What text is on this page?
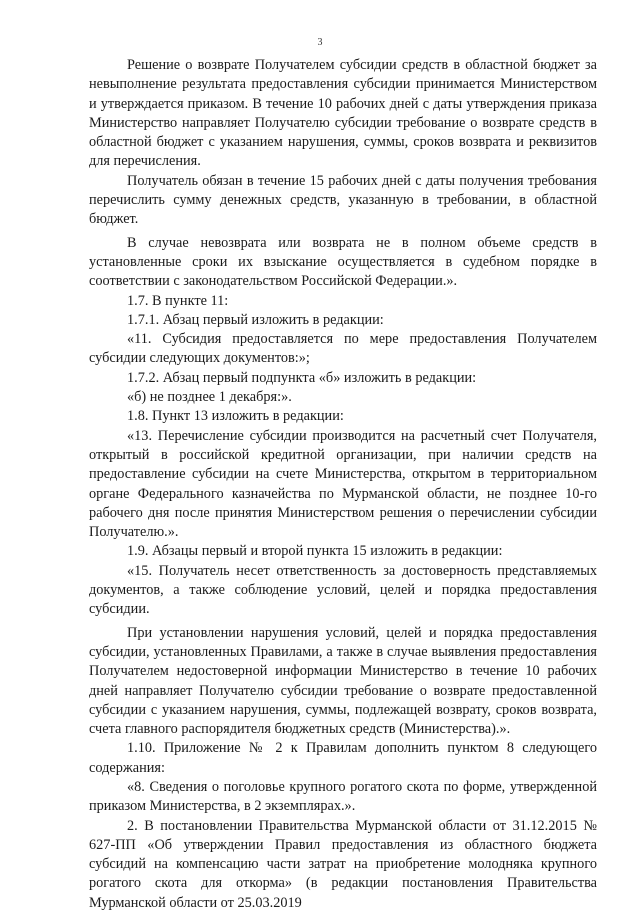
3

Решение о возврате Получателем субсидии средств в областной бюджет за невыполнение результата предоставления субсидии принимается Министерством и утверждается приказом. В течение 10 рабочих дней с даты утверждения приказа Министерство направляет Получателю субсидии требование о возврате средств в областной бюджет с указанием нарушения, суммы, сроков возврата и реквизитов для перечисления.

Получатель обязан в течение 15 рабочих дней с даты получения требования перечислить сумму денежных средств, указанную в требовании, в областной бюджет.

В случае невозврата или возврата не в полном объеме средств в установленные сроки их взыскание осуществляется в судебном порядке в соответствии с законодательством Российской Федерации.».

1.7. В пункте 11:

1.7.1. Абзац первый изложить в редакции:

«11. Субсидия предоставляется по мере предоставления Получателем субсидии следующих документов:»;

1.7.2. Абзац первый подпункта «б» изложить в редакции:

«б) не позднее 1 декабря:».

1.8. Пункт 13 изложить в редакции:

«13. Перечисление субсидии производится на расчетный счет Получателя, открытый в российской кредитной организации, при наличии средств на предоставление субсидии на счете Министерства, открытом в территориальном органе Федерального казначейства по Мурманской области, не позднее 10-го рабочего дня после принятия Министерством решения о перечислении субсидии Получателю.».

1.9. Абзацы первый и второй пункта 15 изложить в редакции:

«15. Получатель несет ответственность за достоверность представляемых документов, а также соблюдение условий, целей и порядка предоставления субсидии.

При установлении нарушения условий, целей и порядка предоставления субсидии, установленных Правилами, а также в случае выявления предоставления Получателем недостоверной информации Министерство в течение 10 рабочих дней направляет Получателю субсидии требование о возврате предоставленной субсидии с указанием нарушения, суммы, подлежащей возврату, сроков возврата, счета главного распорядителя бюджетных средств (Министерства).».

1.10. Приложение № 2 к Правилам дополнить пунктом 8 следующего содержания:

«8. Сведения о поголовье крупного рогатого скота по форме, утвержденной приказом Министерства, в 2 экземплярах.».

2. В постановлении Правительства Мурманской области от 31.12.2015 № 627-ПП «Об утверждении Правил предоставления из областного бюджета субсидий на компенсацию части затрат на приобретение молодняка крупного рогатого скота для откорма» (в редакции постановления Правительства Мурманской области от 25.03.2019
